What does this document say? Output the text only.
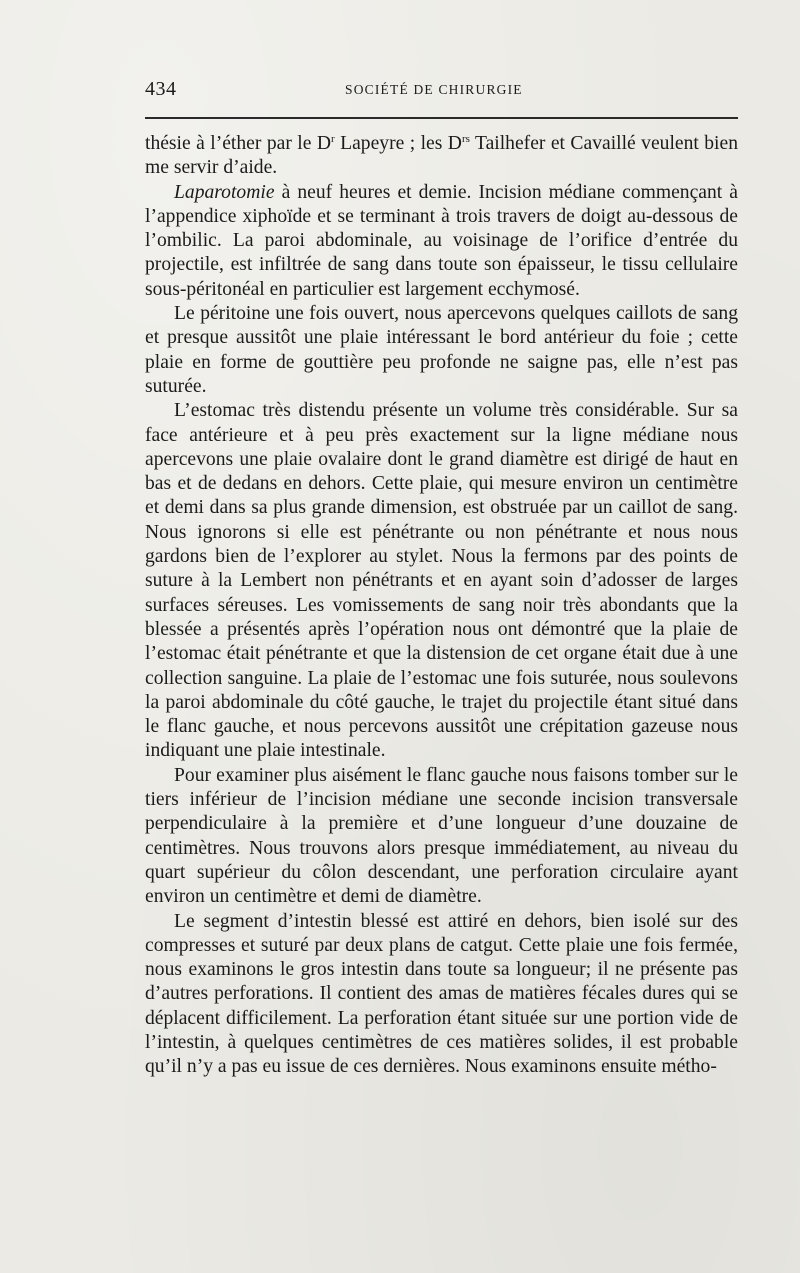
434	SOCIÉTÉ DE CHIRURGIE

thésie à l’éther par le $D^r$ Lapeyre ; les $D^{rs}$ Tailhefer et Cavaillé veulent bien me servir d’aide.

Laparotomie à neuf heures et demie. Incision médiane commençant à l’appendice xiphoïde et se terminant à trois travers de doigt au-dessous de l’ombilic. La paroi abdominale, au voisinage de l’orifice d’entrée du projectile, est infiltrée de sang dans toute son épaisseur, le tissu cellulaire sous-péritonéal en particulier est largement ecchymosé.

Le péritoine une fois ouvert, nous apercevons quelques caillots de sang et presque aussitôt une plaie intéressant le bord antérieur du foie ; cette plaie en forme de gouttière peu profonde ne saigne pas, elle n’est pas suturée.

L’estomac très distendu présente un volume très considérable. Sur sa face antérieure et à peu près exactement sur la ligne médiane nous apercevons une plaie ovalaire dont le grand diamètre est dirigé de haut en bas et de dedans en dehors. Cette plaie, qui mesure environ un centimètre et demi dans sa plus grande dimension, est obstruée par un caillot de sang. Nous ignorons si elle est pénétrante ou non pénétrante et nous nous gardons bien de l’explorer au stylet. Nous la fermons par des points de suture à la Lembert non pénétrants et en ayant soin d’adosser de larges surfaces séreuses. Les vomissements de sang noir très abondants que la blessée a présentés après l’opération nous ont démontré que la plaie de l’estomac était pénétrante et que la distension de cet organe était due à une collection sanguine. La plaie de l’estomac une fois suturée, nous soulevons la paroi abdominale du côté gauche, le trajet du projectile étant situé dans le flanc gauche, et nous percevons aussitôt une crépitation gazeuse nous indiquant une plaie intestinale.

Pour examiner plus aisément le flanc gauche nous faisons tomber sur le tiers inférieur de l’incision médiane une seconde incision transversale perpendiculaire à la première et d’une longueur d’une douzaine de centimètres. Nous trouvons alors presque immédiatement, au niveau du quart supérieur du côlon descendant, une perforation circulaire ayant environ un centimètre et demi de diamètre.

Le segment d’intestin blessé est attiré en dehors, bien isolé sur des compresses et suturé par deux plans de catgut. Cette plaie une fois fermée, nous examinons le gros intestin dans toute sa longueur; il ne présente pas d’autres perforations. Il contient des amas de matières fécales dures qui se déplacent difficilement. La perforation étant située sur une portion vide de l’intestin, à quelques centimètres de ces matières solides, il est probable qu’il n’y a pas eu issue de ces dernières. Nous examinons ensuite métho-
